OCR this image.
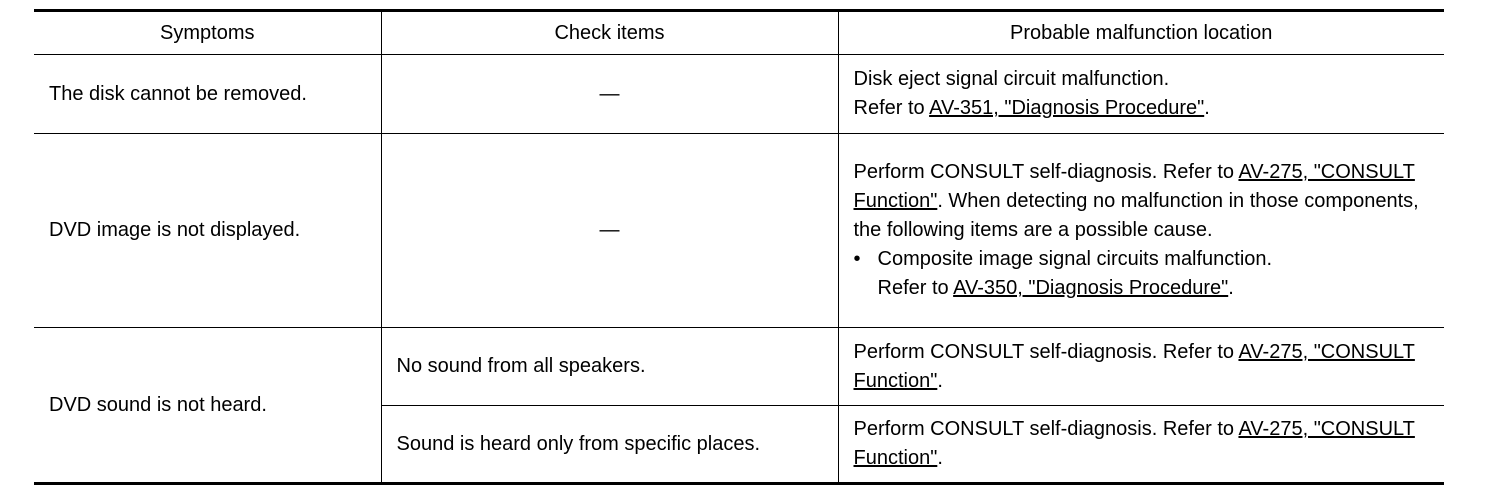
Symptoms	Check items	Probable malfunction location
The disk cannot be removed.	—	Disk eject signal circuit malfunction.
Refer to AV-351, "Diagnosis Procedure".

DVD image is not displayed.	—	Perform CONSULT self-diagnosis. Refer to AV-275, "CONSULT Function". When detecting no malfunction in those components, the following items are a possible cause.
• Composite image signal circuits malfunction.
Refer to AV-350, "Diagnosis Procedure".

DVD sound is not heard.	No sound from all speakers.	Perform CONSULT self-diagnosis. Refer to AV-275, "CONSULT Function".
	Sound is heard only from specific places.	Perform CONSULT self-diagnosis. Refer to AV-275, "CONSULT Function".
